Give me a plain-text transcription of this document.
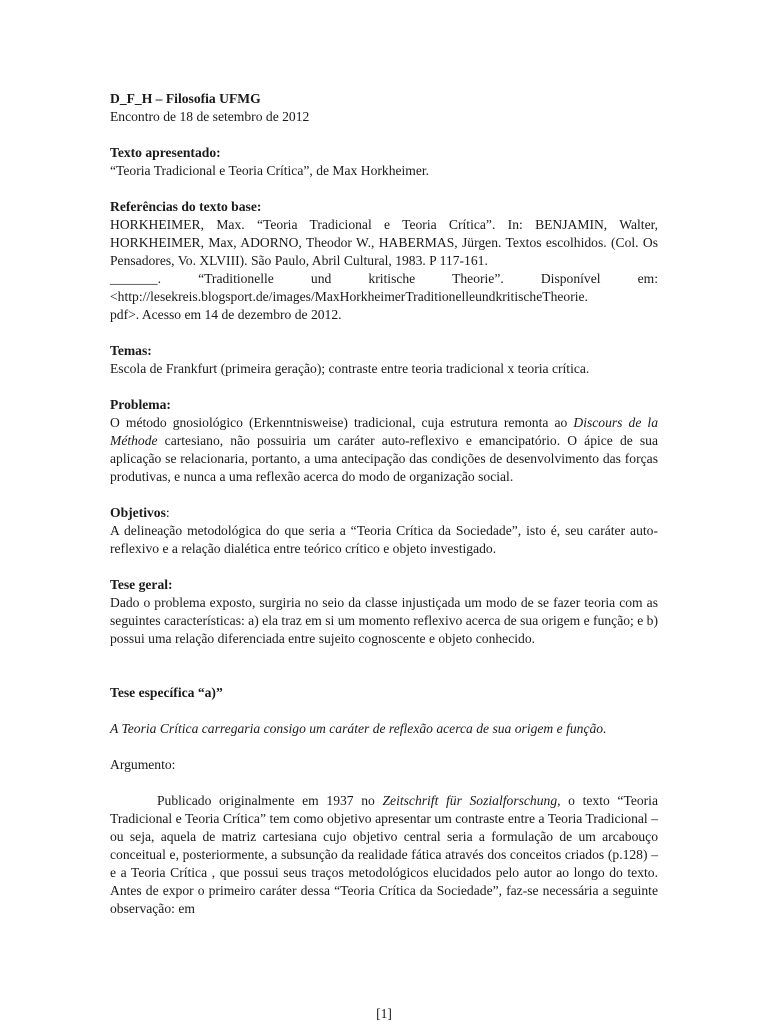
D_F_H – Filosofia UFMG

Encontro de 18 de setembro de 2012

Texto apresentado:

“Teoria Tradicional e Teoria Crítica”, de Max Horkheimer.

Referências do texto base:

HORKHEIMER, Max. “Teoria Tradicional e Teoria Crítica”. In: BENJAMIN, Walter, HORKHEIMER, Max, ADORNO, Theodor W., HABERMAS, Jürgen. Textos escolhidos. (Col. Os Pensadores, Vo. XLVIII). São Paulo, Abril Cultural, 1983. P 117-161.

_______. “Traditionelle und kritische Theorie”. Disponível em:

<http://lesekreis.blogsport.de/images/MaxHorkheimerTraditionelleundkritischeTheorie.

pdf>. Acesso em 14 de dezembro de 2012.

Temas:

Escola de Frankfurt (primeira geração); contraste entre teoria tradicional x teoria crítica.

Problema:

O método gnosiológico (Erkenntnisweise) tradicional, cuja estrutura remonta ao Discours de la Méthode cartesiano, não possuiria um caráter auto-reflexivo e emancipatório. O ápice de sua aplicação se relacionaria, portanto, a uma antecipação das condições de desenvolvimento das forças produtivas, e nunca a uma reflexão acerca do modo de organização social.

Objetivos:

A delineação metodológica do que seria a “Teoria Crítica da Sociedade”, isto é, seu caráter auto-reflexivo e a relação dialética entre teórico crítico e objeto investigado.

Tese geral:

Dado o problema exposto, surgiria no seio da classe injustiçada um modo de se fazer teoria com as seguintes características: a) ela traz em si um momento reflexivo acerca de sua origem e função; e b) possui uma relação diferenciada entre sujeito cognoscente e objeto conhecido.

Tese específica “a)”

A Teoria Crítica carregaria consigo um caráter de reflexão acerca de sua origem e função.

Argumento:

Publicado originalmente em 1937 no Zeitschrift für Sozialforschung, o texto “Teoria Tradicional e Teoria Crítica” tem como objetivo apresentar um contraste entre a Teoria Tradicional – ou seja, aquela de matriz cartesiana cujo objetivo central seria a formulação de um arcabouço conceitual e, posteriormente, a subsunção da realidade fática através dos conceitos criados (p.128) – e a Teoria Crítica , que possui seus traços metodológicos elucidados pelo autor ao longo do texto. Antes de expor o primeiro caráter dessa “Teoria Crítica da Sociedade”, faz-se necessária a seguinte observação: em

[1]
